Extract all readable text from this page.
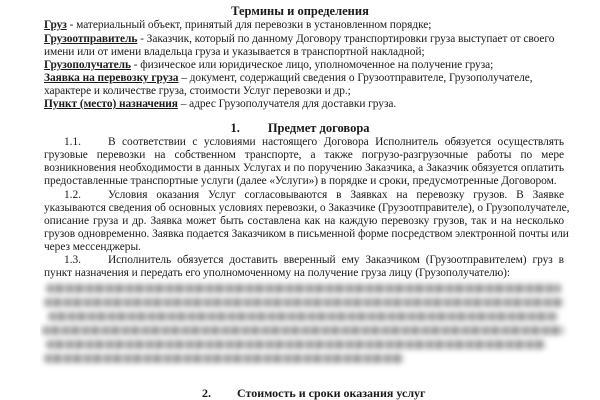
Термины и определения
Груз - материальный объект, принятый для перевозки в установленном порядке;
Грузоотправитель - Заказчик, который по данному Договору транспортировки груза выступает от своего
имени или от имени владельца груза и указывается в транспортной накладной;
Грузополучатель - физическое или юридическое лицо, уполномоченное на получение груза;
Заявка на перевозку груза – документ, содержащий сведения о Грузоотправителе, Грузополучателе,
характере и количестве груза, стоимости Услуг перевозки и др.;
Пункт (место) назначения – адрес Грузополучателя для доставки груза.
1. Предмет договора
1.1. В соответствии с условиями настоящего Договора Исполнитель обязуется осуществлять
грузовые перевозки на собственном транспорте, а также погрузо-разгрузочные работы по мере
возникновения необходимости в данных Услугах и по поручению Заказчика, а Заказчик обязуется оплатить
предоставленные транспортные услуги (далее «Услуги») в порядке и сроки, предусмотренные Договором.
1.2. Условия оказания Услуг согласовываются в Заявках на перевозку грузов. В Заявке
указываются сведения об основных условиях перевозки, о Заказчике (Грузоотправителе), о Грузополучателе,
описание груза и др. Заявка может быть составлена как на каждую перевозку грузов, так и на несколько
грузов одновременно. Заявка подается Заказчиком в письменной форме посредством электронной почты или
через мессенджеры.
1.3. Исполнитель обязуется доставить вверенный ему Заказчиком (Грузоотправителем) груз в
пункт назначения и передать его уполномоченному на получение груза лицу (Грузополучателю):
2. Стоимость и сроки оказания услуг
